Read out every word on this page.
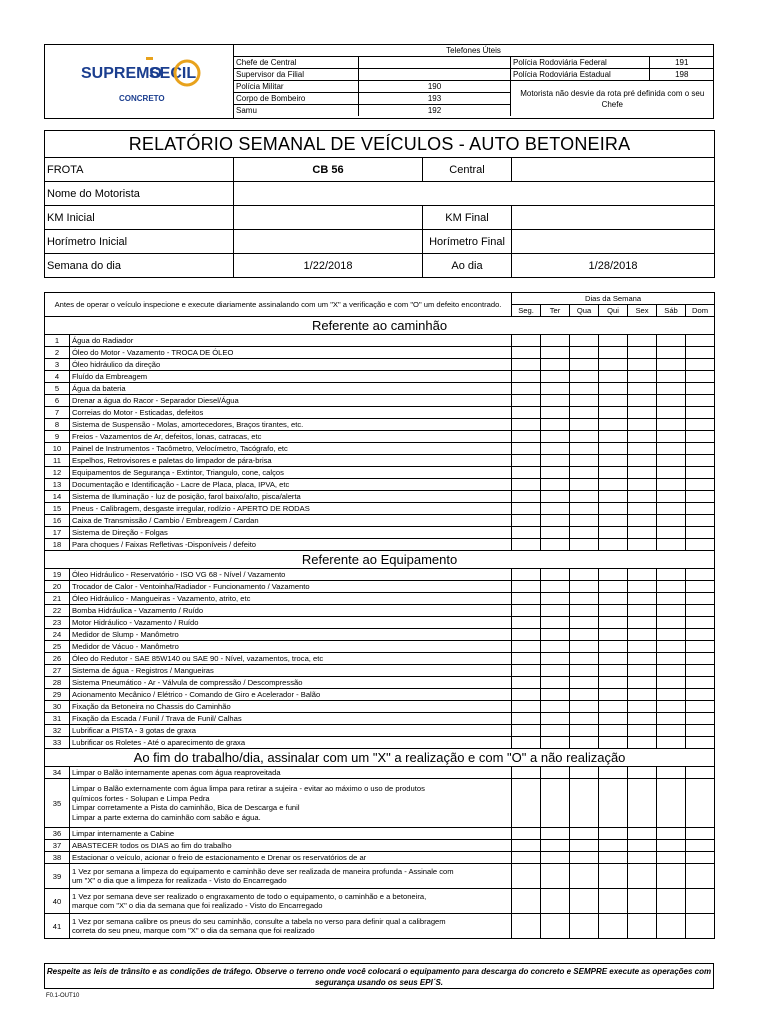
SUPREMO
SECIL
CONCRETO
Telefones Úteis			
Chefe de Central		Polícia Rodoviária Federal	191
Supervisor da Filial		Polícia Rodoviária Estadual	198
Polícia Militar	190	Motorista não desvie da rota pré definida com o seu Chefe	
Corpo de Bombeiro	193		
Samu	192		
RELATÓRIO SEMANAL DE VEÍCULOS - AUTO BETONEIRA			
FROTA	CB 56	Central	
Nome do Motorista			
KM Inicial		KM Final	
Horímetro Inicial		Horímetro Final	
Semana do dia	1/22/2018	Ao dia	1/28/2018
Antes de operar o veículo inspecione e execute diariamente assinalando com um "X" a verificação e com "O" um defeito encontrado.		Dias da Semana						
		Seg.	Ter	Qua	Qui	Sex	Sáb	Dom
Referente ao caminhão								
1	Água do Radiador							
2	Óleo do Motor - Vazamento - TROCA DE ÓLEO							
3	Óleo hidráulico da direção							
4	Fluído da Embreagem							
5	Água da bateria							
6	Drenar a água do Racor - Separador Diesel/Água							
7	Correias do Motor - Esticadas, defeitos							
8	Sistema de Suspensão - Molas, amortecedores, Braços tirantes, etc.							
9	Freios - Vazamentos de Ar, defeitos, lonas, catracas, etc							
10	Painel de Instrumentos - Tacômetro, Velocímetro, Tacógrafo, etc							
11	Espelhos, Retrovisores e paletas do limpador de pára-brisa							
12	Equipamentos de Segurança - Extintor, Triangulo, cone, calços							
13	Documentação e Identificação - Lacre de Placa, placa, IPVA, etc							
14	Sistema de Iluminação - luz de posição, farol baixo/alto, pisca/alerta							
15	Pneus - Calibragem, desgaste irregular, rodízio - APERTO DE RODAS							
16	Caixa de Transmissão / Cambio / Embreagem / Cardan							
17	Sistema de Direção - Folgas							
18	Para choques / Faixas Refletivas -Disponíveis / defeito							
Referente ao Equipamento								
19	Óleo Hidráulico - Reservatório - ISO VG 68 - Nível / Vazamento							
20	Trocador de Calor - Ventoinha/Radiador - Funcionamento / Vazamento							
21	Óleo Hidráulico - Mangueiras - Vazamento, atrito, etc							
22	Bomba Hidráulica - Vazamento / Ruído							
23	Motor Hidráulico - Vazamento / Ruído							
24	Medidor de Slump - Manômetro							
25	Medidor de Vácuo - Manômetro							
26	Óleo do Redutor - SAE 85W140 ou SAE 90 - Nível, vazamentos, troca, etc							
27	Sistema de água - Registros / Mangueiras							
28	Sistema Pneumático - Ar - Válvula de compressão / Descompressão							
29	Acionamento Mecânico / Elétrico - Comando de Giro e Acelerador - Balão							
30	Fixação da Betoneira no Chassis do Caminhão							
31	Fixação da Escada / Funil / Trava de Funil/ Calhas							
32	Lubrificar a PISTA - 3 gotas de graxa							
33	Lubrificar os Roletes - Até o aparecimento de graxa							
Ao fim do trabalho/dia, assinalar com um "X" a realização e com "O" a não realização								
34	Limpar o Balão internamente apenas com água reaproveitada							
35	Limpar o Balão externamente com água limpa para retirar a sujeira - evitar ao máximo o uso de produtos
químicos fortes - Solupan e Limpa Pedra
Limpar corretamente a Pista do caminhão, Bica de Descarga e funil
Limpar a parte externa do caminhão com sabão e água.							

36	Limpar internamente a Cabine							
37	ABASTECER todos os DIAS ao fim do trabalho							
38	Estacionar o veículo, acionar o freio de estacionamento e Drenar os reservatórios de ar							
39	1 Vez por semana a limpeza do equipamento e caminhão deve ser realizada de maneira profunda - Assinale com
um "X" o dia que a limpeza for realizada - Visto do Encarregado							

40	1 Vez por semana deve ser realizado o engraxamento de todo o equipamento, o caminhão e a betoneira,
marque com "X" o dia da semana que foi realizado - Visto do Encarregado							

41	1 Vez por semana calibre os pneus do seu caminhão, consulte a tabela no verso para definir qual a calibragem
correta do seu pneu, marque com "X" o dia da semana que foi realizado							

Respeite as leis de trânsito e as condições de tráfego. Observe o terreno onde você colocará o equipamento para descarga do concreto e SEMPRE execute as operações com segurança usando os seus EPI´S.
F0.1-OUT10
